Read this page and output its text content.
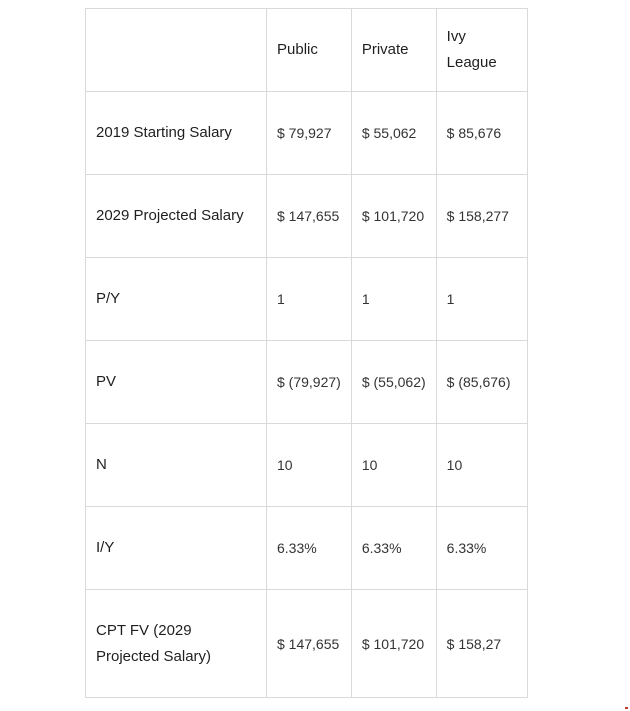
	Public	Private	Ivy League
2019 Starting Salary	$ 79,927	$ 55,062	$ 85,676
2029 Projected Salary	$ 147,655	$ 101,720	$ 158,277
P/Y	1	1	1
PV	$ (79,927)	$ (55,062)	$ (85,676)
N	10	10	10
I/Y	6.33%	6.33%	6.33%
CPT FV (2029 Projected Salary)	$ 147,655	$ 101,720	$ 158,27
